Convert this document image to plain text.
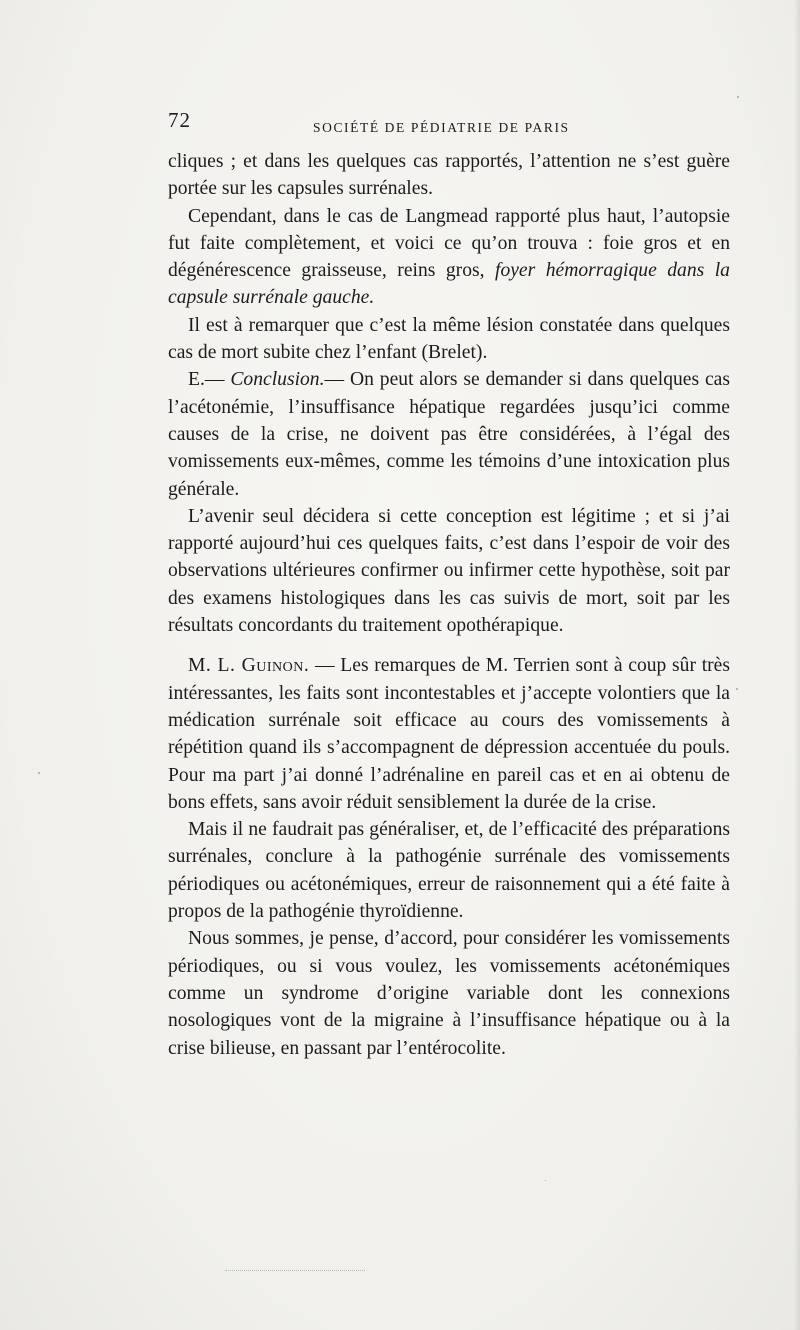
72	SOCIÉTÉ DE PÉDIATRIE DE PARIS

cliques ; et dans les quelques cas rapportés, l’attention ne s’est guère portée sur les capsules surrénales.

Cependant, dans le cas de Langmead rapporté plus haut, l’autopsie fut faite complètement, et voici ce qu’on trouva : foie gros et en dégénérescence graisseuse, reins gros, foyer hémorragique dans la capsule surrénale gauche.

Il est à remarquer que c’est la même lésion constatée dans quelques cas de mort subite chez l’enfant (Brelet).

E.— Conclusion.— On peut alors se demander si dans quelques cas l’acétonémie, l’insuffisance hépatique regardées jusqu’ici comme causes de la crise, ne doivent pas être considérées, à l’égal des vomissements eux-mêmes, comme les témoins d’une intoxication plus générale.

L’avenir seul décidera si cette conception est légitime ; et si j’ai rapporté aujourd’hui ces quelques faits, c’est dans l’espoir de voir des observations ultérieures confirmer ou infirmer cette hypothèse, soit par des examens histologiques dans les cas suivis de mort, soit par les résultats concordants du traitement opothérapique.

M. L. Guinon. — Les remarques de M. Terrien sont à coup sûr très intéressantes, les faits sont incontestables et j’accepte volontiers que la médication surrénale soit efficace au cours des vomissements à répétition quand ils s’accompagnent de dépression accentuée du pouls. Pour ma part j’ai donné l’adrénaline en pareil cas et en ai obtenu de bons effets, sans avoir réduit sensiblement la durée de la crise.

Mais il ne faudrait pas généraliser, et, de l’efficacité des préparations surrénales, conclure à la pathogénie surrénale des vomissements périodiques ou acétonémiques, erreur de raisonnement qui a été faite à propos de la pathogénie thyroïdienne.

Nous sommes, je pense, d’accord, pour considérer les vomissements périodiques, ou si vous voulez, les vomissements acétonémiques comme un syndrome d’origine variable dont les connexions nosologiques vont de la migraine à l’insuffisance hépatique ou à la crise bilieuse, en passant par l’entérocolite.
